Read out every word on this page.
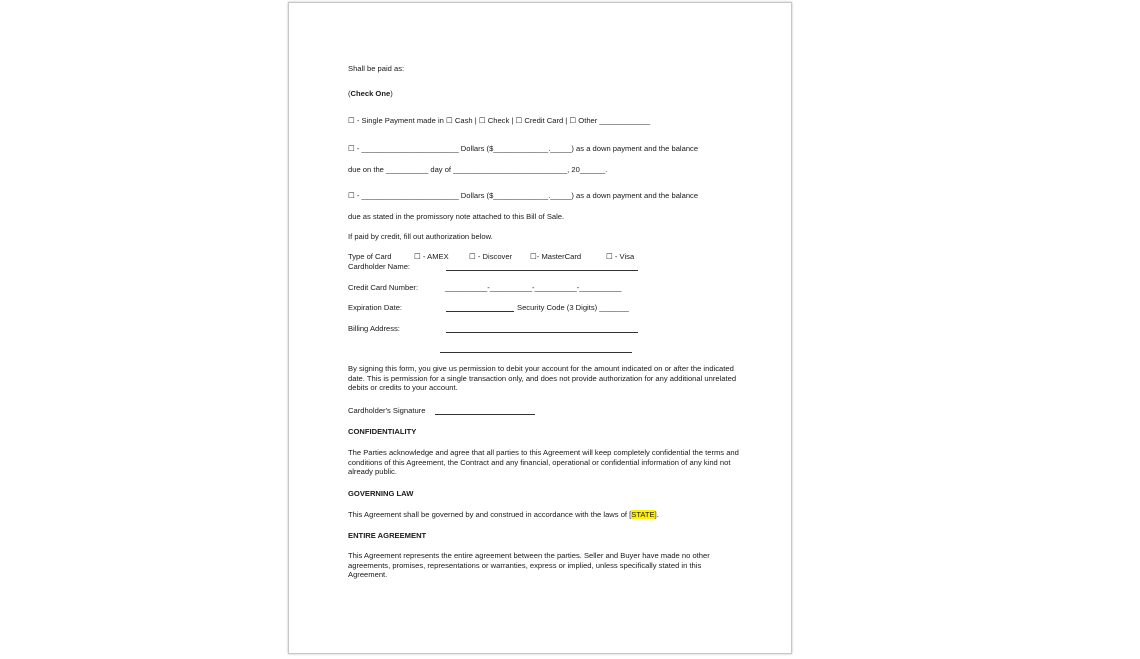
Shall be paid as:
(Check One)
☐ - Single Payment made in ☐ Cash | ☐ Check | ☐ Credit Card | ☐ Other ____________
☐ - _______________________ Dollars ($_____________._____) as a down payment and the balance
due on the __________ day of ___________________________, 20______.
☐ - _______________________ Dollars ($_____________._____) as a down payment and the balance
due as stated in the promissory note attached to this Bill of Sale.
If paid by credit, fill out authorization below.
Type of Card	☐ - AMEX	☐ - Discover ☐- MasterCard	☐ - Visa
Cardholder Name:
Credit Card Number:	__________-__________-__________-__________
Expiration Date:	Security Code (3 Digits) _______
Billing Address:
By signing this form, you give us permission to debit your account for the amount indicated on or after the indicated date. This is permission for a single transaction only, and does not provide authorization for any additional unrelated debits or credits to your account.
Cardholder's Signature
CONFIDENTIALITY
The Parties acknowledge and agree that all parties to this Agreement will keep completely confidential the terms and conditions of this Agreement, the Contract and any financial, operational or confidential information of any kind not already public.
GOVERNING LAW
This Agreement shall be governed by and construed in accordance with the laws of [STATE].
ENTIRE AGREEMENT
This Agreement represents the entire agreement between the parties. Seller and Buyer have made no other agreements, promises, representations or warranties, express or implied, unless specifically stated in this Agreement.
